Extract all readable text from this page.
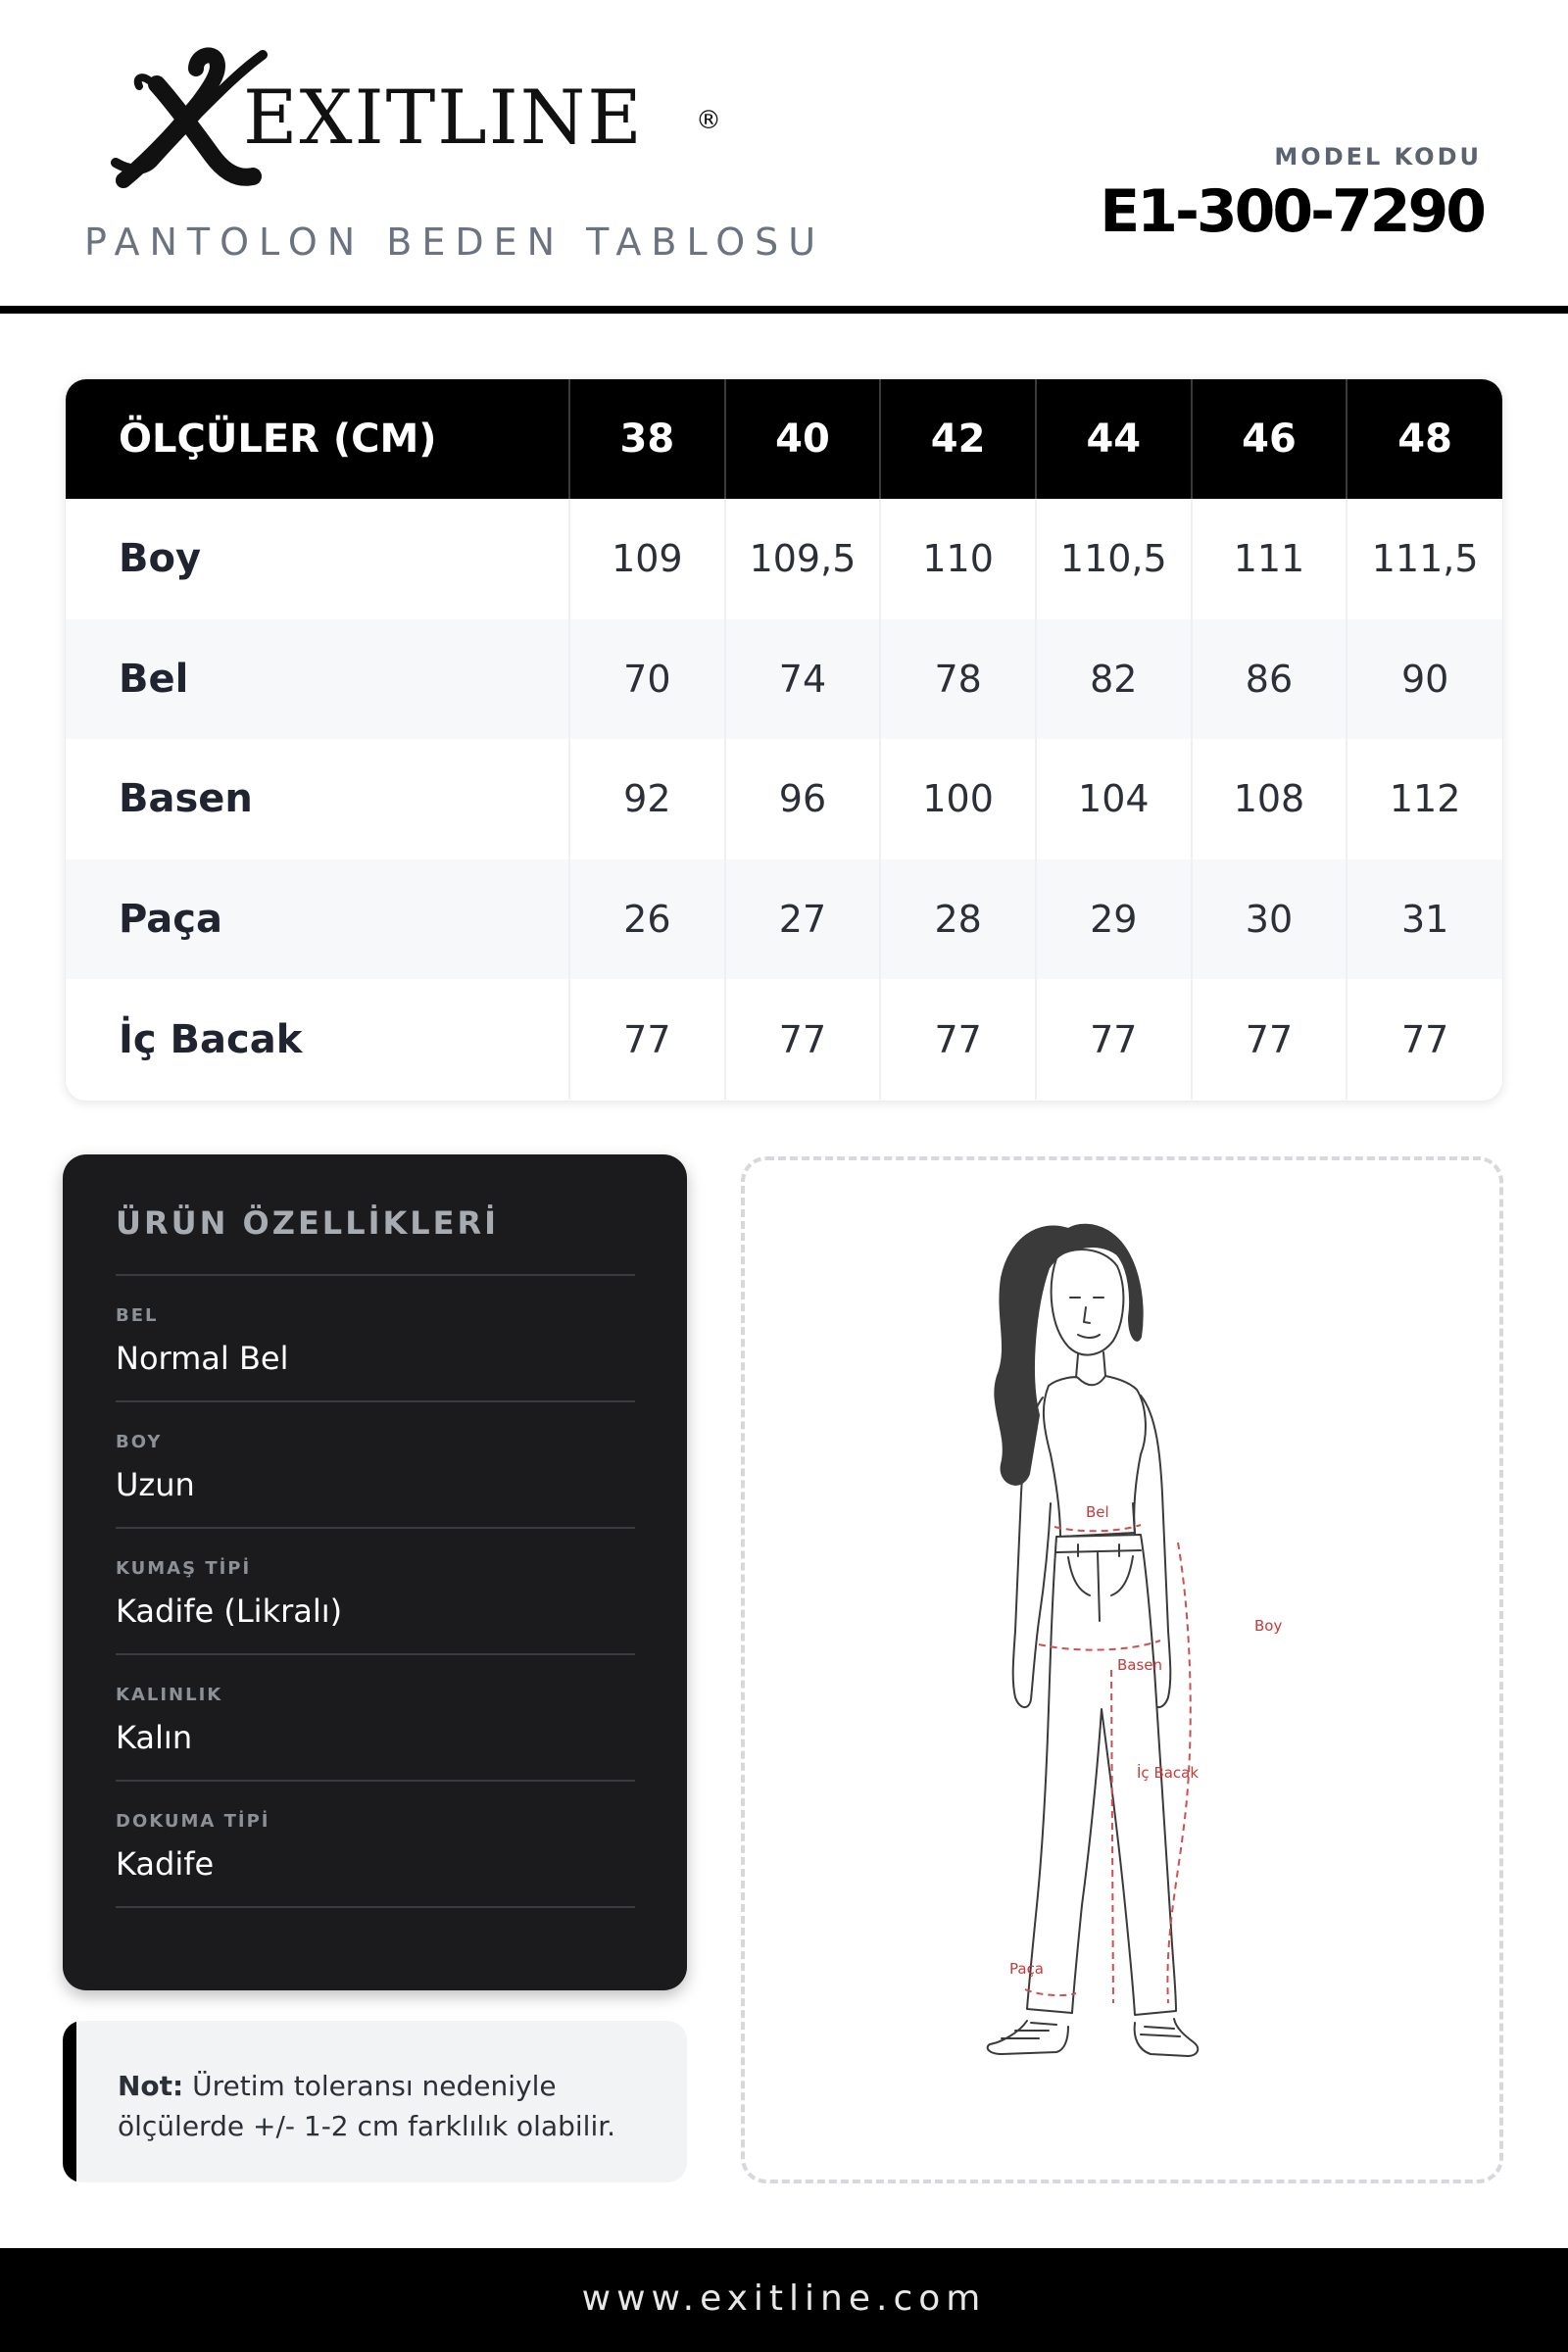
EXITLINE ®
PANTOLON BEDEN TABLOSU
MODEL KODU
E1-300-7290
ÖLÇÜLER (CM)	38	40	42	44	46	48
Boy	109	109,5	110	110,5	111	111,5
Bel	70	74	78	82	86	90
Basen	92	96	100	104	108	112
Paça	26	27	28	29	30	31
İç Bacak	77	77	77	77	77	77
ÜRÜN ÖZELLİKLERİ
BEL
Normal Bel
BOY
Uzun
KUMAŞ TİPİ
Kadife (Likralı)
KALINLIK
Kalın
DOKUMA TİPİ
Kadife
Not: Üretim toleransı nedeniyle ölçülerde +/- 1-2 cm farklılık olabilir.
Bel
Boy
Basen
İç Bacak
Paça
www.exitline.com
